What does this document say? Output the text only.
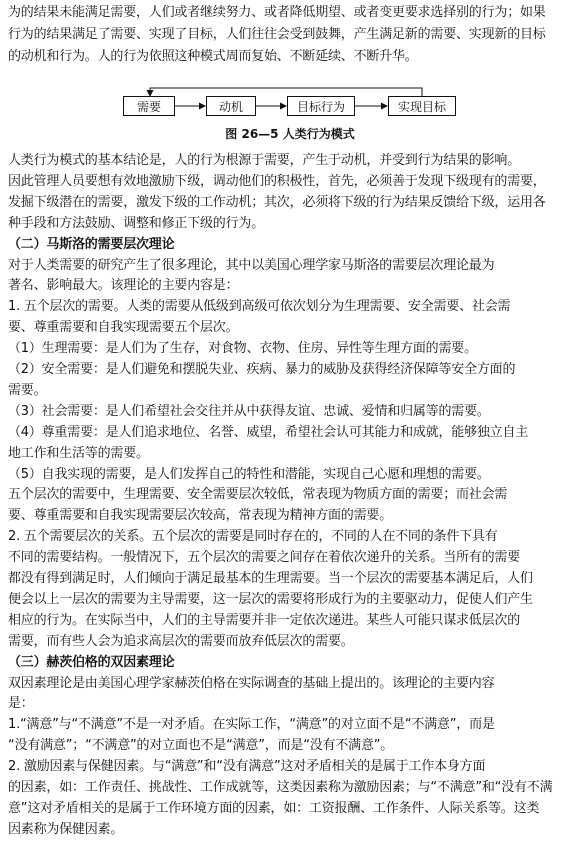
为的结果未能满足需要，人们或者继续努力、或者降低期望、或者变更要求选择别的行为；如果
行为的结果满足了需要、实现了目标，人们往往会受到鼓舞，产生满足新的需要、实现新的目标
的动机和行为。人的行为依照这种模式周而复始、不断延续、不断升华。
需要	动机	目标行为	实现目标
图 26—5 人类行为模式
人类行为模式的基本结论是，人的行为根源于需要，产生于动机，并受到行为结果的影响。
因此管理人员要想有效地激励下级，调动他们的积极性，首先，必须善于发现下级现有的需要，
发掘下级潜在的需要，激发下级的工作动机；其次，必须将下级的行为结果反馈给下级，运用各
种手段和方法鼓励、调整和修正下级的行为。
（二）马斯洛的需要层次理论
对于人类需要的研究产生了很多理论，其中以美国心理学家马斯洛的需要层次理论最为
著名、影响最大。该理论的主要内容是：
1. 五个层次的需要。人类的需要从低级到高级可依次划分为生理需要、安全需要、社会需
要、尊重需要和自我实现需要五个层次。
（1）生理需要：是人们为了生存，对食物、衣物、住房、异性等生理方面的需要。
（2）安全需要：是人们避免和摆脱失业、疾病、暴力的威胁及获得经济保障等安全方面的
需要。
（3）社会需要：是人们希望社会交往并从中获得友谊、忠诚、爱情和归属等的需要。
（4）尊重需要：是人们追求地位、名誉、威望，希望社会认可其能力和成就，能够独立自主
地工作和生活等的需要。
（5）自我实现的需要，是人们发挥自己的特性和潜能，实现自己心愿和理想的需要。
五个层次的需要中，生理需要、安全需要层次较低，常表现为物质方面的需要；而社会需
要、尊重需要和自我实现需要层次较高，常表现为精神方面的需要。
2. 五个需要层次的关系。五个层次的需要是同时存在的，不同的人在不同的条件下具有
不同的需要结构。一般情况下，五个层次的需要之间存在着依次递升的关系。当所有的需要
都没有得到满足时，人们倾向于满足最基本的生理需要。当一个层次的需要基本满足后，人们
便会以上一层次的需要为主导需要，这一层次的需要将形成行为的主要驱动力，促使人们产生
相应的行为。在实际当中，人们的主导需要并非一定依次递进。某些人可能只谋求低层次的
需要，而有些人会为追求高层次的需要而放弃低层次的需要。
（三）赫茨伯格的双因素理论
双因素理论是由美国心理学家赫茨伯格在实际调查的基础上提出的。该理论的主要内容
是：
1.“满意”与“不满意”不是一对矛盾。在实际工作，“满意”的对立面不是“不满意”，而是
“没有满意”；“不满意”的对立面也不是“满意”，而是“没有不满意”。
2. 激励因素与保健因素。与“满意”和“没有满意”这对矛盾相关的是属于工作本身方面
的因素，如：工作责任、挑战性、工作成就等，这类因素称为激励因素；与“不满意”和“没有不满
意”这对矛盾相关的是属于工作环境方面的因素，如：工资报酬、工作条件、人际关系等。这类
因素称为保健因素。
